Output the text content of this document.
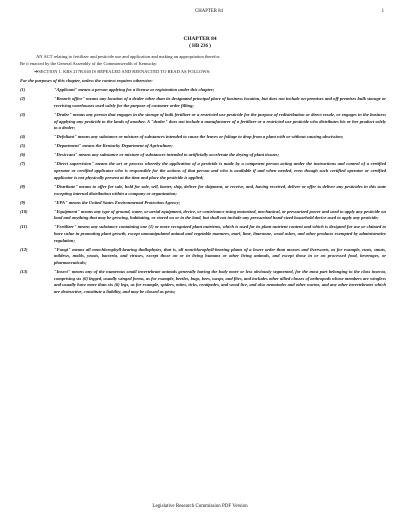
CHAPTER 84	1
CHAPTER 84
( HB 236 )

AN ACT relating to fertilizer and pesticide use and application and making an appropriation therefor.

Be it enacted by the General Assembly of the Commonwealth of Kentucky:

➔SECTION 1. KRS 217B.040 IS REPEALED AND REENACTED TO READ AS FOLLOWS:

For the purposes of this chapter, unless the context requires otherwise:

(1)	"Applicant" means a person applying for a license or registration under this chapter;

(2)	"Branch office" means any location of a dealer other than its designated principal place of business location, but does not include on-premises and off-premises bulk storage or receiving warehouses used solely for the purpose of customer order filling;

(3)	"Dealer" means any person that engages in the storage of bulk fertilizer or a restricted use pesticide for the purpose of redistribution or direct resale, or engages in the business of applying any pesticide to the lands of another. A "dealer" does not include a manufacturer of a fertilizer or a restricted use pesticide who distributes his or her product solely to a dealer;

(4)	"Defoliant" means any substance or mixture of substances intended to cause the leaves or foliage to drop from a plant with or without causing abscission;

(5)	"Department" means the Kentucky Department of Agriculture;

(6)	"Desiccant" means any substance or mixture of substances intended to artificially accelerate the drying of plant tissues;

(7)	"Direct supervision" means the act or process whereby the application of a pesticide is made by a competent person acting under the instructions and control of a certified operator or certified applicator who is responsible for the actions of that person and who is available if and when needed, even though such certified operator or certified applicator is not physically present at the time and place the pesticide is applied;

(8)	"Distribute" means to offer for sale, hold for sale, sell, barter, ship, deliver for shipment, or receive, and, having received, deliver or offer to deliver any pesticides in this state excepting internal distribution within a company or organization;

(9)	"EPA" means the United States Environmental Protection Agency;

(10)	"Equipment" means any type of ground, water, or aerial equipment, device, or contrivance using motorized, mechanical, or pressurized power and used to apply any pesticide on land and anything that may be growing, habitating, or stored on or in the land, but shall not include any pressurized hand-sized household device used to apply any pesticide;

(11)	"Fertilizer" means any substance containing one (1) or more recognized plant nutrients, which is used for its plant nutrient content and which is designed for use or claimed to have value in promoting plant growth, except unmanipulated animal and vegetable manures, marl, lime, limestone, wood ashes, and other products exempted by administrative regulation;

(12)	"Fungi" means all nonchlorophyll-bearing thallophytes, that is, all nonchlorophyll-bearing plants of a lower order than mosses and liverworts, as for example, rusts, smuts, mildews, molds, yeasts, bacteria, and viruses, except those on or in living humans or other living animals, and except those in or on processed food, beverages, or pharmaceuticals;

(13)	"Insect" means any of the numerous small invertebrate animals generally having the body more or less obviously segmented, for the most part belonging to the class insecta, comprising six (6) legged, usually winged forms, as for example, beetles, bugs, bees, wasps, and flies, and includes other allied classes of arthropods whose members are wingless and usually have more than six (6) legs, as for example, spiders, mites, ticks, centipedes, and wood lice, and also nematodes and other worms, and any other invertebrates which are destructive, constitute a liability, and may be classed as pests;

Legislative Research Commission PDF Version
